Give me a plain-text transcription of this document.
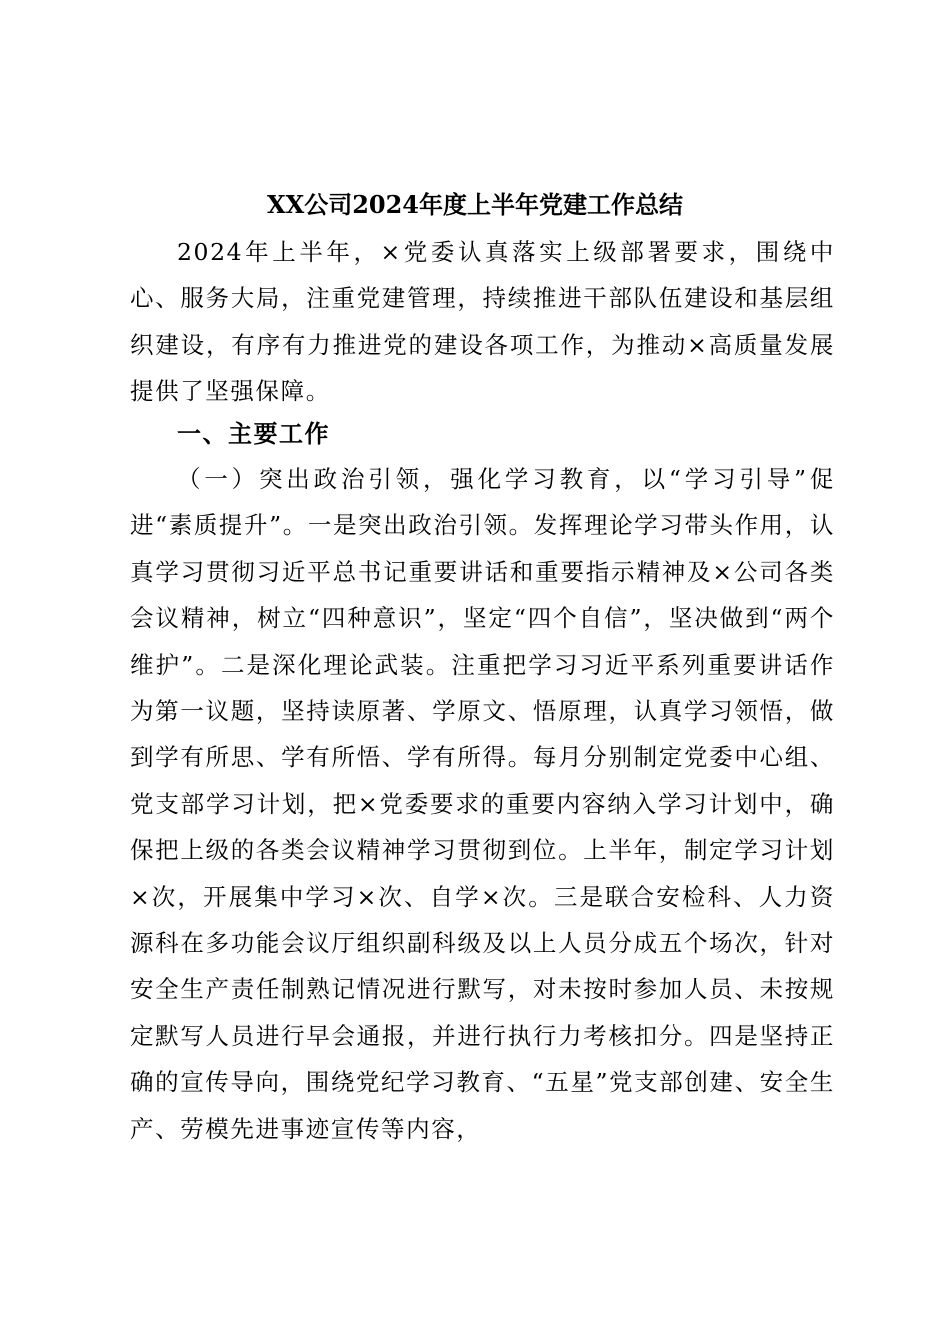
XX公司2024年度上半年党建工作总结

2024年上半年，×党委认真落实上级部署要求，围绕中心、服务大局，注重党建管理，持续推进干部队伍建设和基层组织建设，有序有力推进党的建设各项工作，为推动×高质量发展提供了坚强保障。

一、主要工作

（一）突出政治引领，强化学习教育，以“学习引导”促进“素质提升”。一是突出政治引领。发挥理论学习带头作用，认真学习贯彻习近平总书记重要讲话和重要指示精神及×公司各类会议精神，树立“四种意识”，坚定“四个自信”，坚决做到“两个维护”。二是深化理论武装。注重把学习习近平系列重要讲话作为第一议题，坚持读原著、学原文、悟原理，认真学习领悟，做到学有所思、学有所悟、学有所得。每月分别制定党委中心组、党支部学习计划，把×党委要求的重要内容纳入学习计划中，确保把上级的各类会议精神学习贯彻到位。上半年，制定学习计划×次，开展集中学习×次、自学×次。三是联合安检科、人力资源科在多功能会议厅组织副科级及以上人员分成五个场次，针对安全生产责任制熟记情况进行默写，对未按时参加人员、未按规定默写人员进行早会通报，并进行执行力考核扣分。四是坚持正确的宣传导向，围绕党纪学习教育、“五星”党支部创建、安全生产、劳模先进事迹宣传等内容，
